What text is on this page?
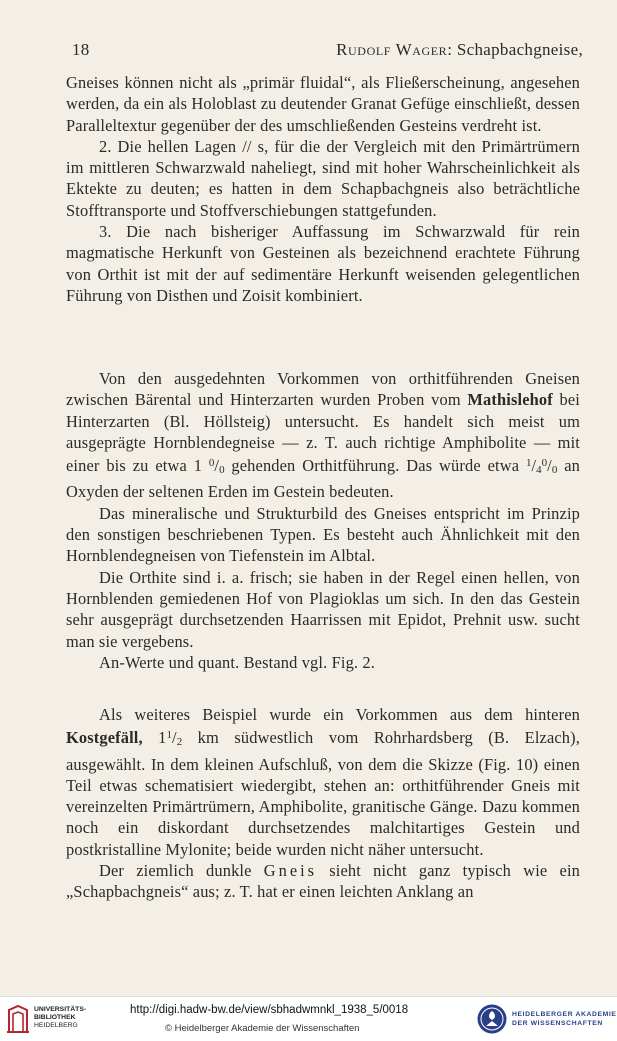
18	Rudolf Wager: Schapbachgneise,

Gneises können nicht als „primär fluidal“, als Fließerscheinung, angesehen werden, da ein als Holoblast zu deutender Granat Gefüge einschließt, dessen Paralleltextur gegenüber der des umschließenden Gesteins verdreht ist.

2. Die hellen Lagen // s, für die der Vergleich mit den Primärtrümern im mittleren Schwarzwald naheliegt, sind mit hoher Wahrscheinlichkeit als Ektekte zu deuten; es hatten in dem Schapbachgneis also beträchtliche Stofftransporte und Stoffverschiebungen stattgefunden.

3. Die nach bisheriger Auffassung im Schwarzwald für rein magmatische Herkunft von Gesteinen als bezeichnend erachtete Führung von Orthit ist mit der auf sedimentäre Herkunft weisenden gelegentlichen Führung von Disthen und Zoisit kombiniert.

Von den ausgedehnten Vorkommen von orthitführenden Gneisen zwischen Bärental und Hinterzarten wurden Proben vom Mathislehof bei Hinterzarten (Bl. Höllsteig) untersucht. Es handelt sich meist um ausgeprägte Hornblendegneise — z. T. auch richtige Amphibolite — mit einer bis zu etwa 1 $^0$/0 gehenden Orthitführung. Das würde etwa $^1/4^0/0$ an Oxyden der seltenen Erden im Gestein bedeuten.

Das mineralische und Strukturbild des Gneises entspricht im Prinzip den sonstigen beschriebenen Typen. Es besteht auch Ähnlichkeit mit den Hornblendegneisen von Tiefenstein im Albtal.

Die Orthite sind i. a. frisch; sie haben in der Regel einen hellen, von Hornblenden gemiedenen Hof von Plagioklas um sich. In den das Gestein sehr ausgeprägt durchsetzenden Haarrissen mit Epidot, Prehnit usw. sucht man sie vergebens.

An-Werte und quant. Bestand vgl. Fig. 2.

Als weiteres Beispiel wurde ein Vorkommen aus dem hinteren Kostgefäll, $1^1/2$ km südwestlich vom Rohrhardsberg (B. Elzach), ausgewählt. In dem kleinen Aufschluß, von dem die Skizze (Fig. 10) einen Teil etwas schematisiert wiedergibt, stehen an: orthitführender Gneis mit vereinzelten Primärtrümern, Amphibolite, granitische Gänge. Dazu kommen noch ein diskordant durchsetzendes malchitartiges Gestein und postkristalline Mylonite; beide wurden nicht näher untersucht.

Der ziemlich dunkle Gneis sieht nicht ganz typisch wie ein „Schapbachgneis“ aus; z. T. hat er einen leichten Anklang an

UNIVERSITÄTS-
BIBLIOTHEK
HEIDELBERG
http://digi.hadw-bw.de/view/sbhadwmnkl_1938_5/0018
© Heidelberger Akademie der Wissenschaften
HEIDELBERGER AKADEMIE
DER WISSENSCHAFTEN
